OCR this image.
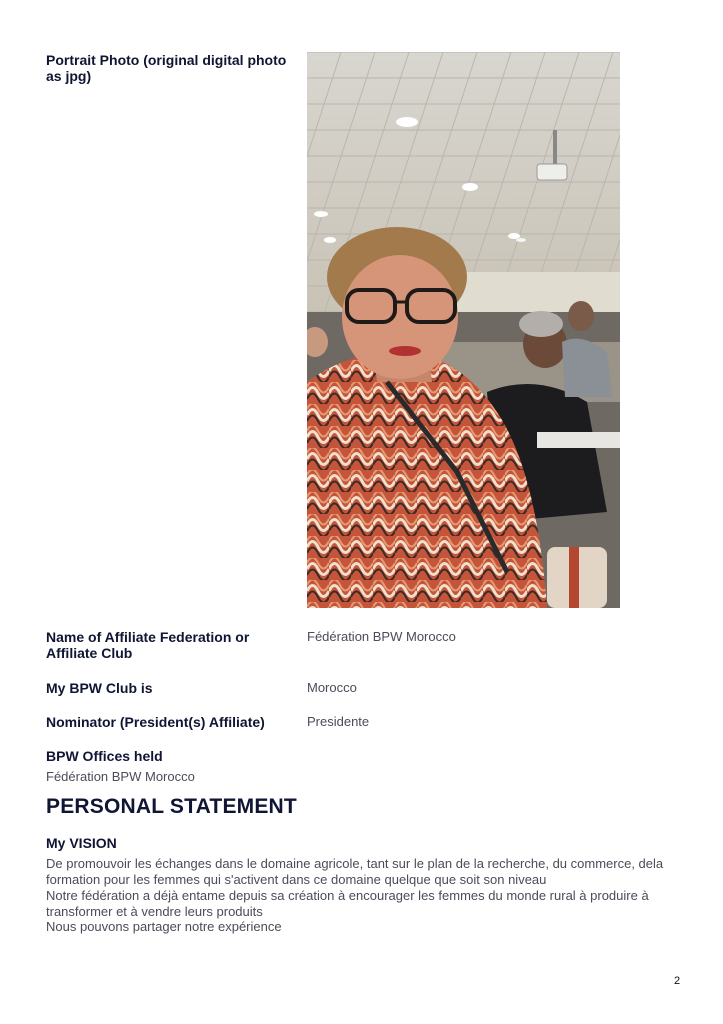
Portrait Photo (original digital photo as jpg)
Name of Affiliate Federation or Affiliate Club
Fédération BPW Morocco
My BPW Club is	Morocco
Nominator (President(s) Affiliate)	Presidente
BPW Offices held
Fédération BPW Morocco
PERSONAL STATEMENT
My VISION
De promouvoir les échanges dans le domaine agricole, tant sur le plan de la recherche, du commerce, dela formation pour les femmes qui s'activent dans ce domaine quelque que soit son niveau
Notre fédération a déjà entame depuis sa création à encourager les femmes du monde rural à produire à transformer et à vendre leurs produits
Nous pouvons partager notre expérience
2
